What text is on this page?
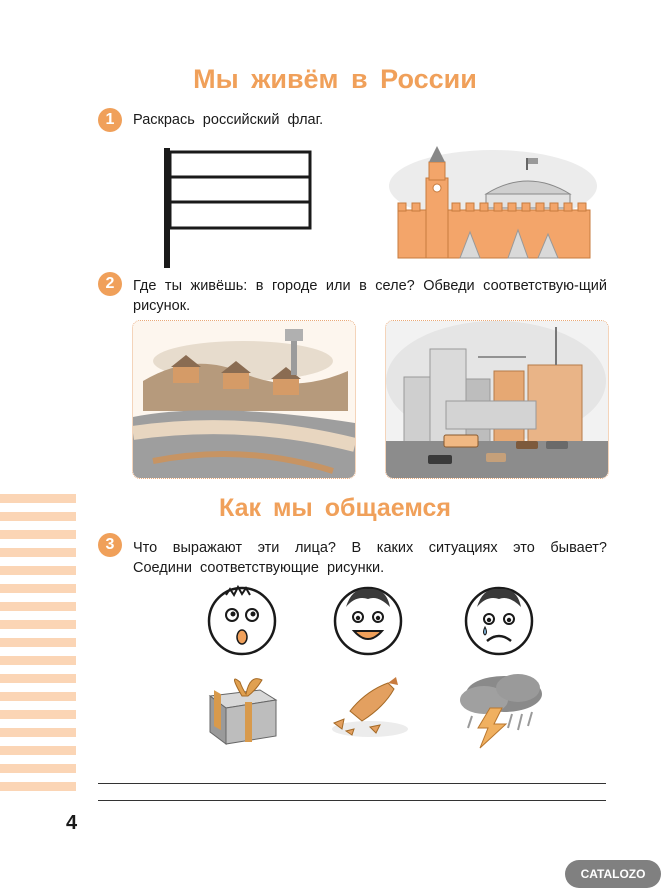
Мы живём в России
1	Раскрась российский флаг.
2	Где ты живёшь: в городе или в селе? Обведи соответствую-щий рисунок.
Как мы общаемся
3	Что выражают эти лица? В каких ситуациях это бывает? Соедини соответствующие рисунки.
4
CATALOZO
